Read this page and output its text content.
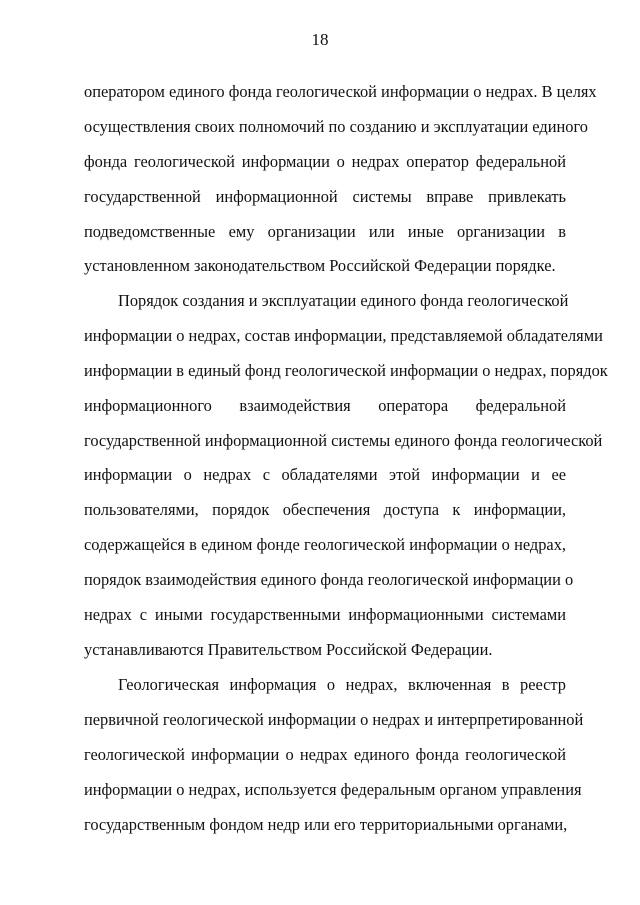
18
оператором единого фонда геологической информации о недрах. В целях
осуществления своих полномочий по созданию и эксплуатации единого
фонда геологической информации о недрах оператор федеральной
государственной информационной системы вправе привлекать
подведомственные ему организации или иные организации в
установленном законодательством Российской Федерации порядке.
Порядок создания и эксплуатации единого фонда геологической
информации о недрах, состав информации, представляемой обладателями
информации в единый фонд геологической информации о недрах, порядок
информационного взаимодействия оператора федеральной
государственной информационной системы единого фонда геологической
информации о недрах с обладателями этой информации и ее
пользователями, порядок обеспечения доступа к информации,
содержащейся в едином фонде геологической информации о недрах,
порядок взаимодействия единого фонда геологической информации о
недрах с иными государственными информационными системами
устанавливаются Правительством Российской Федерации.
Геологическая информация о недрах, включенная в реестр
первичной геологической информации о недрах и интерпретированной
геологической информации о недрах единого фонда геологической
информации о недрах, используется федеральным органом управления
государственным фондом недр или его территориальными органами,
